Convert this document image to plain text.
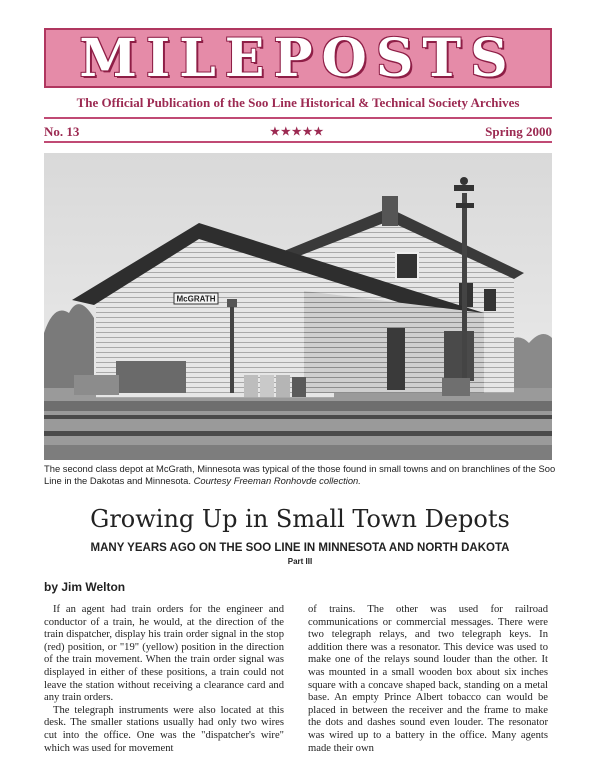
MILEPOSTS
The Official Publication of the Soo Line Historical & Technical Society Archives
No. 13	★★★★★	Spring 2000
McGRATH
The second class depot at McGrath, Minnesota was typical of the those found in small towns and on branchlines of the Soo Line in the Dakotas and Minnesota. Courtesy Freeman Ronhovde collection.
Growing Up in Small Town Depots
MANY YEARS AGO ON THE SOO LINE IN MINNESOTA AND NORTH DAKOTA
Part III
by Jim Welton

If an agent had train orders for the engineer and conductor of a train, he would, at the direction of the train dispatcher, display his train order signal in the stop (red) position, or "19" (yellow) position in the direction of the train movement. When the train order signal was displayed in either of these positions, a train could not leave the station without receiving a clearance card and any train orders.

The telegraph instruments were also located at this desk. The smaller stations usually had only two wires cut into the office. One was the "dispatcher's wire" which was used for movement

of trains. The other was used for railroad communications or commercial messages. There were two telegraph relays, and two telegraph keys. In addition there was a resonator. This device was used to make one of the relays sound louder than the other. It was mounted in a small wooden box about six inches square with a concave shaped back, standing on a metal base. An empty Prince Albert tobacco can would be placed in between the receiver and the frame to make the dots and dashes sound even louder. The resonator was wired up to a battery in the office. Many agents made their own
